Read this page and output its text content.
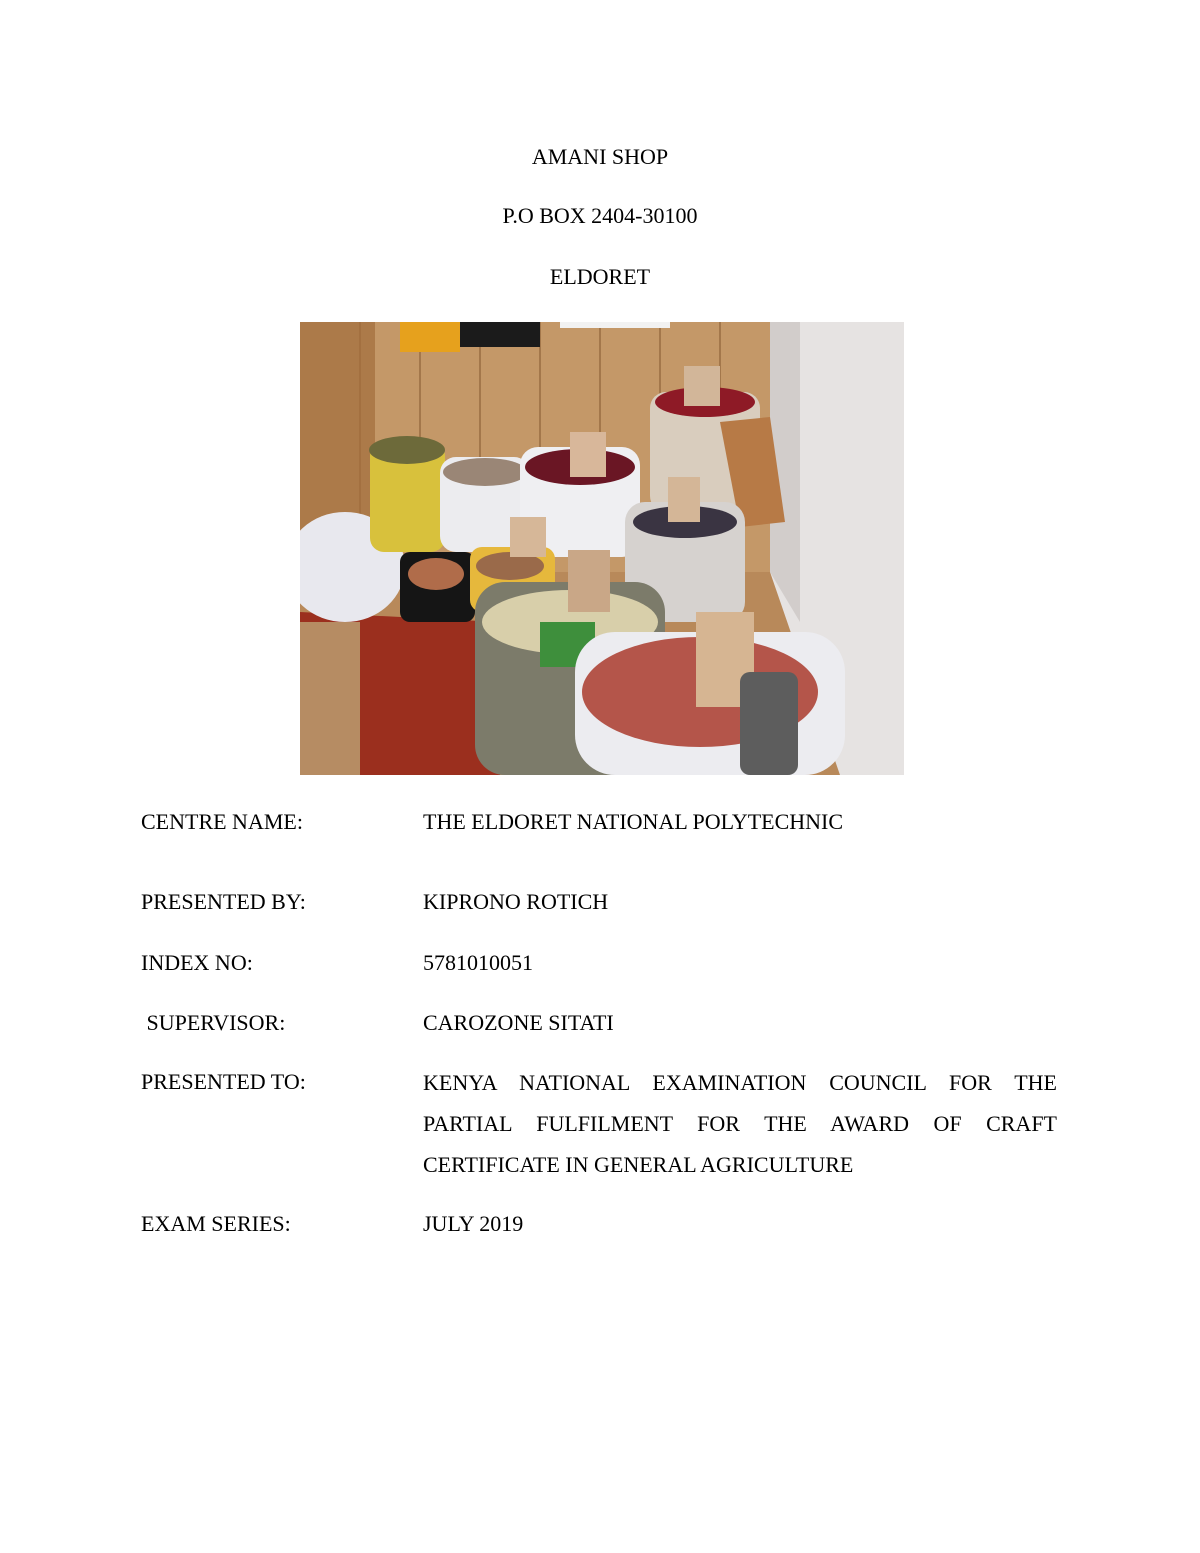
AMANI SHOP
P.O BOX 2404-30100
ELDORET
CENTRE NAME:	THE ELDORET NATIONAL POLYTECHNIC
PRESENTED BY:	KIPRONO ROTICH
INDEX NO:	5781010051
SUPERVISOR:	CAROZONE SITATI
PRESENTED TO:	KENYA NATIONAL EXAMINATION COUNCIL FOR THE
PARTIAL FULFILMENT FOR THE AWARD OF CRAFT
CERTIFICATE IN GENERAL AGRICULTURE
EXAM SERIES:	JULY 2019
